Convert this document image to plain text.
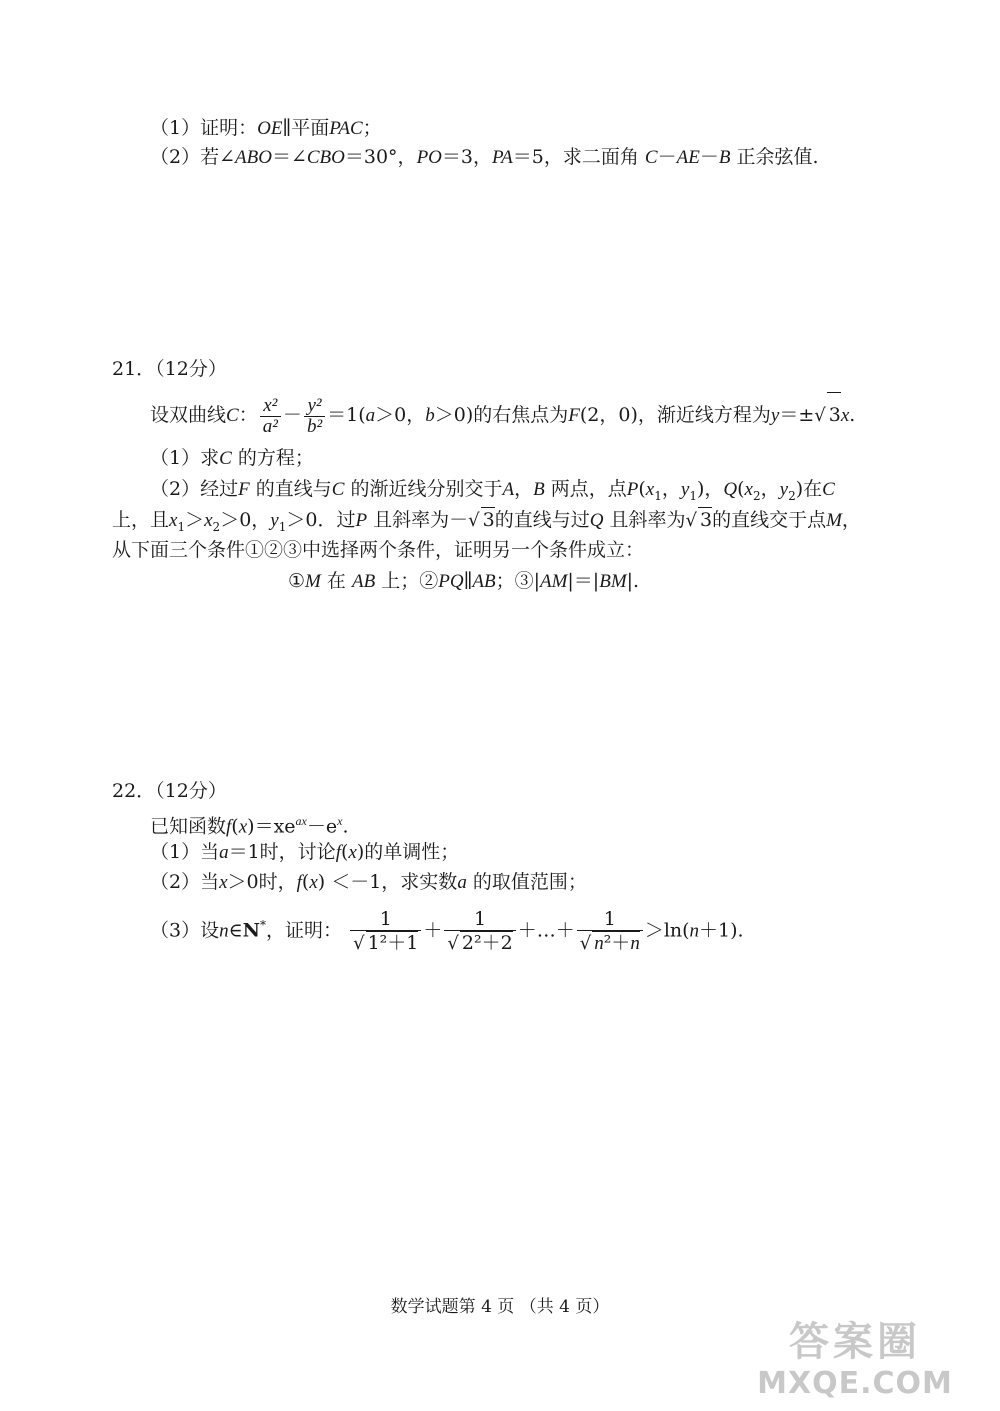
（1）证明：OE∥平面PAC；
（2）若∠ABO＝∠CBO＝30°，PO＝3，PA＝5，求二面角 C－AE－B 正余弦值.
21．（12分）
设双曲线C： $\frac{\text{x²}}{\text{a²}} - \frac{\text{y²}}{\text{b²}} =1(a>0$，b＞0)的右焦点为F(2，0)，渐近线方程为y＝±√ 3x.
（1）求C 的方程；
（2）经过F 的直线与C 的渐近线分别交于A，B 两点，点$P(x_1$，$y_1$)，$Q(x_2$，$y_2$)在C
上，且$x_1>x_2>0$，$y_1>0$．过P 且斜率为－√ 3的直线与过Q 且斜率为√ 3的直线交于点M，
从下面三个条件①②③中选择两个条件，证明另一个条件成立：
①M 在 AB 上；②PQ∥AB；③|AM|＝|BM|.
22．（12分）
已知函数$f(x)=xe^{ax}-e^x$.
（1）当a＝1时，讨论f(x)的单调性；
（2）当x＞0时，f(x) ＜－1，求实数a 的取值范围；
（3）设n∈N*，证明： $\frac{1}{\text{√ 1²＋1}} + \frac{1}{\text{√ 2²＋2}}$ ＋…＋ $\frac{1}{\text{√ n²＋n}} >\ln(n+1)$.
数学试题第 4 页 （共 4 页）
答案圈
MXQE.COM
